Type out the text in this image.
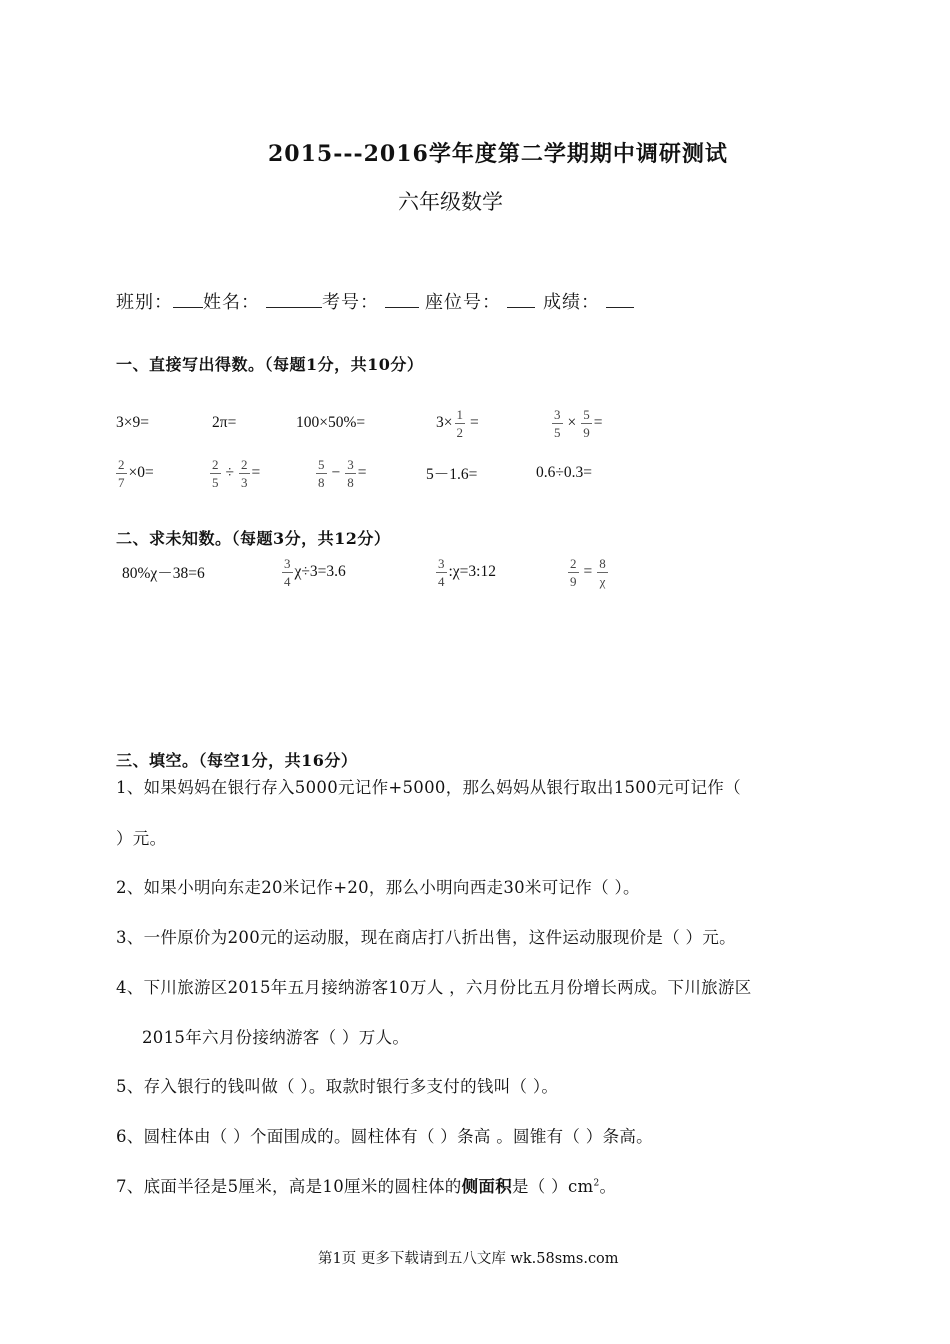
2015---2016学年度第二学期期中调研测试
六年级数学
班别： 姓名：	考号：	座位号： 成绩：
一、直接写出得数。（每题1分，共10分）
3×9=	2π=	100×50%=	$3\times \frac{1}{2}$ =	$\frac{3}{5} \times \frac{5}{9}$ =
$\frac{2}{7} \times 0=$	$\frac{2}{5} \div \frac{2}{3}$ =	$\frac{5}{8} - \frac{3}{8}$ =	5－1.6=	0.6÷0.3=
二、求未知数。（每题3分，共12分）
80%χ－38=6	$\frac{3}{4} \chi\div 3=3.6$	$\frac{3}{4}$ :χ=3:12	$\frac{2}{9} = \frac{8}{\chi}$
三、填空。（每空1分，共16分）
1、如果妈妈在银行存入5000元记作+5000，那么妈妈从银行取出1500元可记作（
）元。
2、如果小明向东走20米记作+20，那么小明向西走30米可记作（ ）。
3、一件原价为200元的运动服，现在商店打八折出售，这件运动服现价是（ ）元。
4、下川旅游区2015年五月接纳游客10万人 ，六月份比五月份增长两成。下川旅游区
2015年六月份接纳游客（ ）万人。
5、存入银行的钱叫做（ ）。取款时银行多支付的钱叫（ ）。
6、圆柱体由（ ）个面围成的。圆柱体有（ ）条高 。圆锥有（ ）条高。
7、底面半径是5厘米，高是10厘米的圆柱体的侧面积是（ ）$cm^2$。
第1页 更多下载请到五八文库 wk.58sms.com
